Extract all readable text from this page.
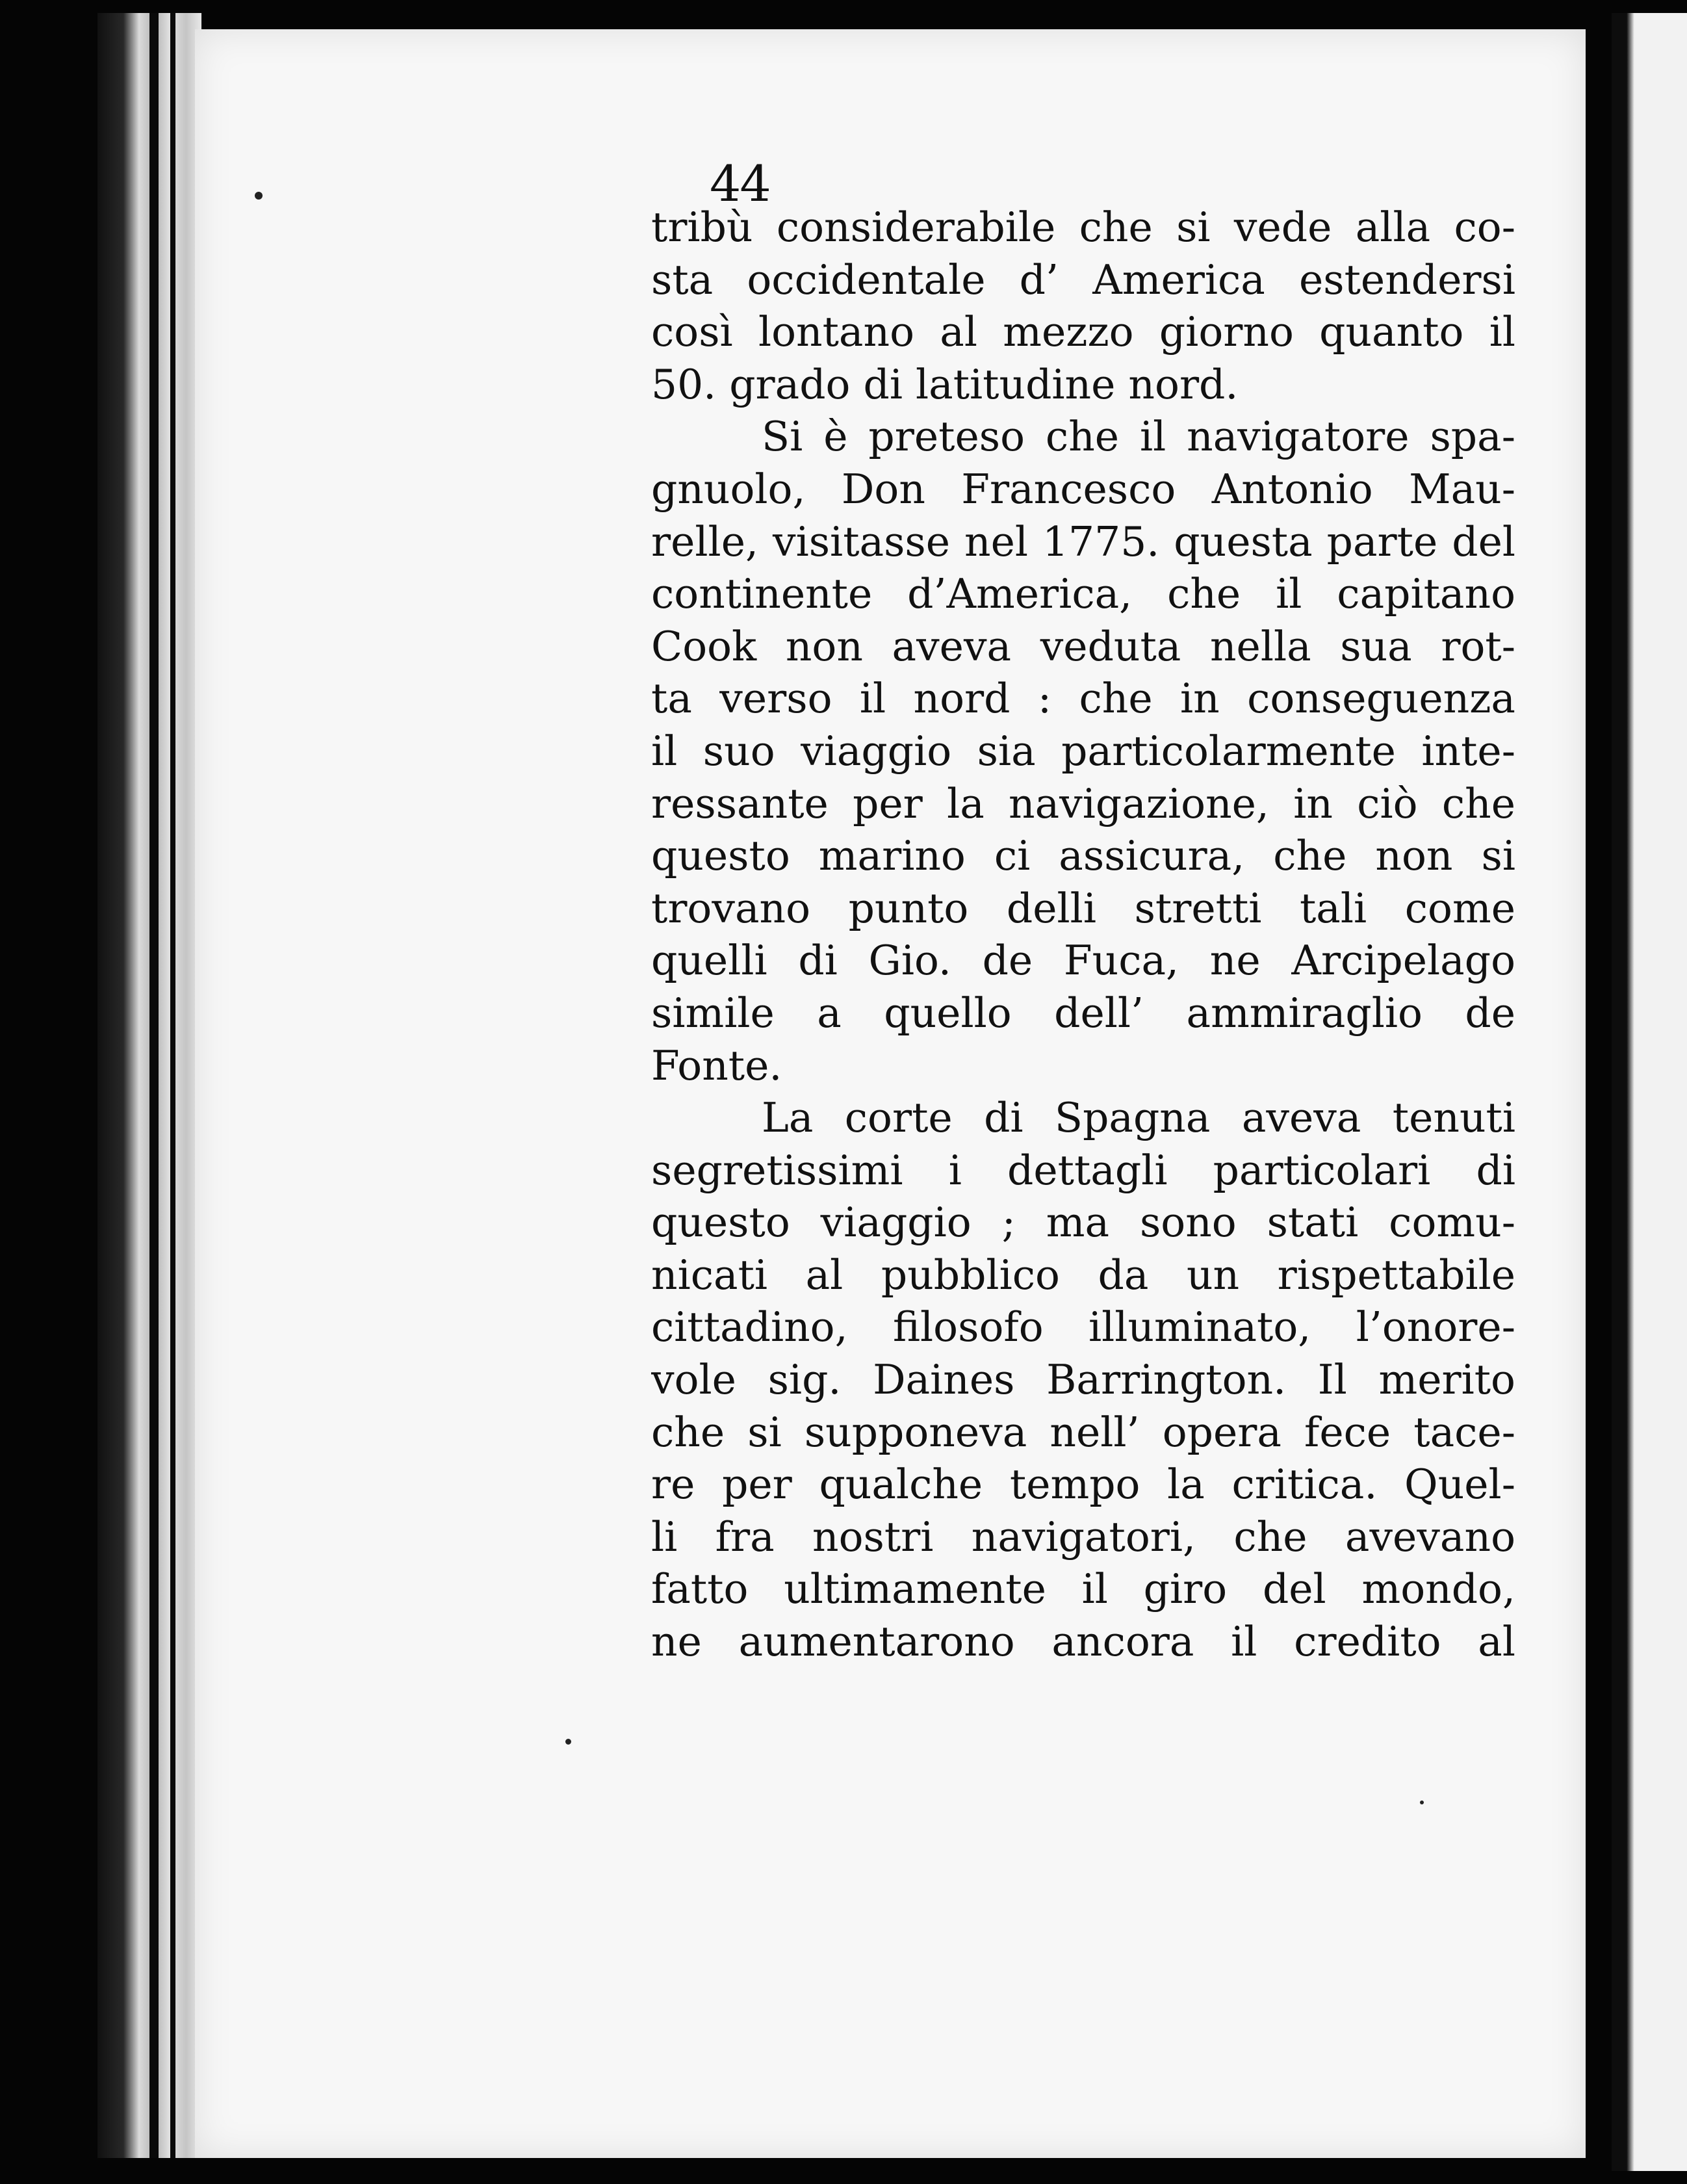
44
tribù considerabile che si vede alla co-
sta occidentale d’ America estendersi
così lontano al mezzo giorno quanto il
50. grado di latitudine nord.
Si è preteso che il navigatore spa-
gnuolo, Don Francesco Antonio Mau-
relle, visitasse nel 1775. questa parte del
continente d’America, che il capitano
Cook non aveva veduta nella sua rot-
ta verso il nord : che in conseguenza
il suo viaggio sia particolarmente inte-
ressante per la navigazione, in ciò che
questo marino ci assicura, che non si
trovano punto delli stretti tali come
quelli di Gio. de Fuca, ne Arcipelago
simile a quello dell’ ammiraglio de
Fonte.
La corte di Spagna aveva tenuti
segretissimi i dettagli particolari di
questo viaggio ; ma sono stati comu-
nicati al pubblico da un rispettabile
cittadino, filosofo illuminato, l’onore-
vole sig. Daines Barrington. Il merito
che si supponeva nell’ opera fece tace-
re per qualche tempo la critica. Quel-
li fra nostri navigatori, che avevano
fatto ultimamente il giro del mondo,
ne aumentarono ancora il credito al
